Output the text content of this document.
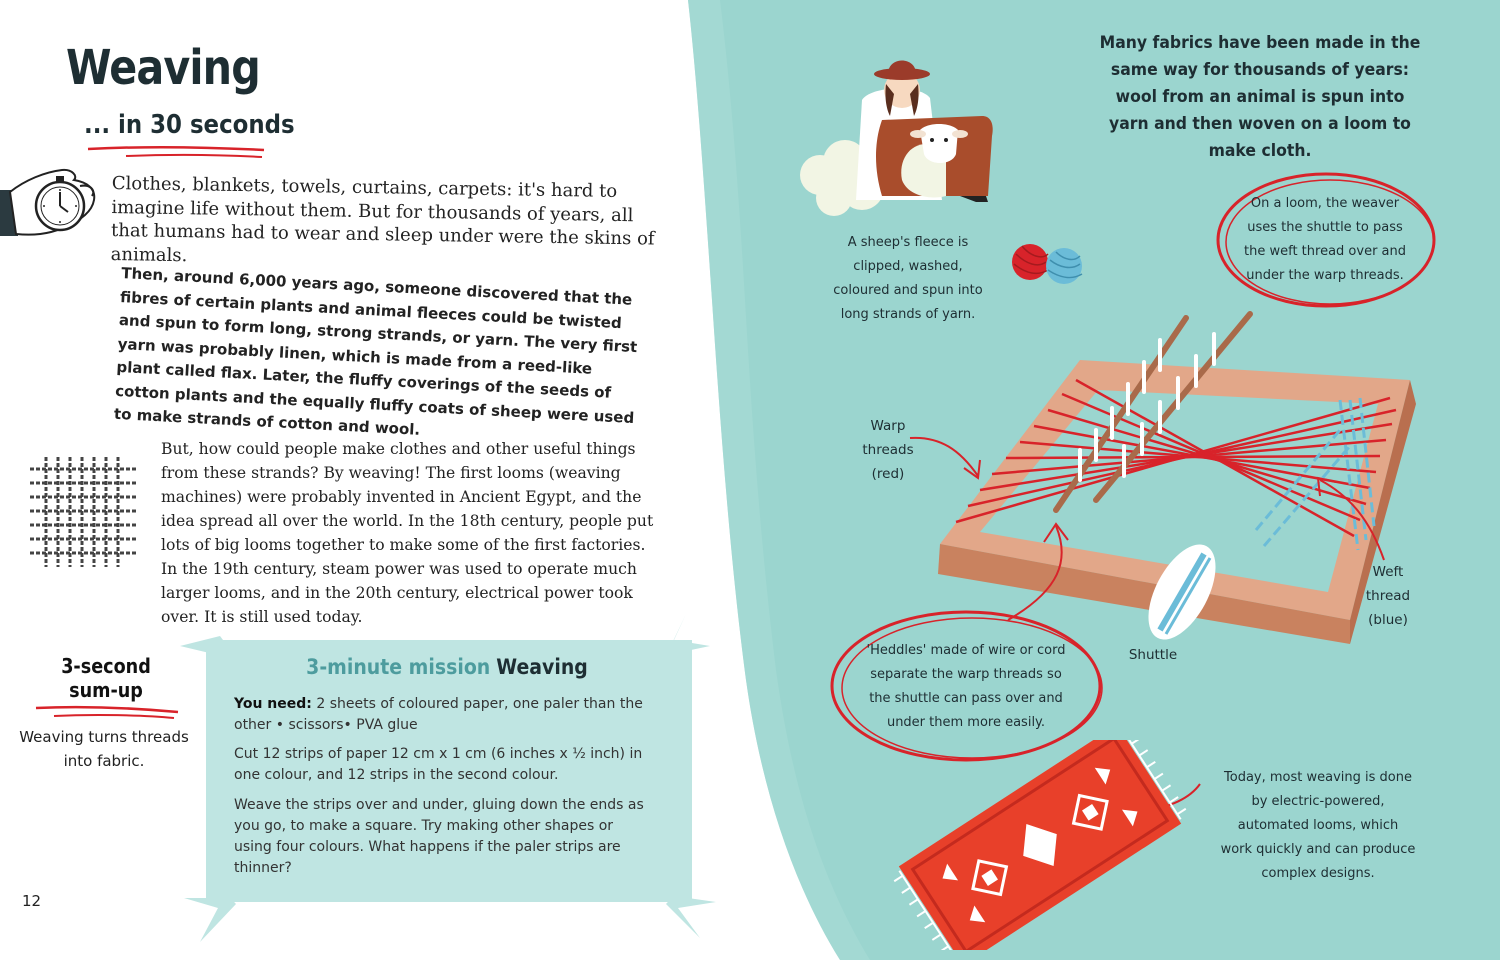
Weaving
... in 30 seconds
Clothes, blankets, towels, curtains, carpets: it's hard to imagine life without them. But for thousands of years, all that humans had to wear and sleep under were the skins of animals.
Then, around 6,000 years ago, someone discovered that the fibres of certain plants and animal fleeces could be twisted and spun to form long, strong strands, or yarn. The very first yarn was probably linen, which is made from a reed-like plant called flax. Later, the fluffy coverings of the seeds of cotton plants and the equally fluffy coats of sheep were used to make strands of cotton and wool.
But, how could people make clothes and other useful things from these strands? By weaving! The first looms (weaving machines) were probably invented in Ancient Egypt, and the idea spread all over the world. In the 18th century, people put lots of big looms together to make some of the first factories. In the 19th century, steam power was used to operate much larger looms, and in the 20th century, electrical power took over. It is still used today.
3-second sum-up
Weaving turns threads into fabric.
3-minute mission Weaving
You need: 2 sheets of coloured paper, one paler than the other • scissors• PVA glue
Cut 12 strips of paper 12 cm x 1 cm (6 inches x ½ inch) in one colour, and 12 strips in the second colour.
Weave the strips over and under, gluing down the ends as you go, to make a square. Try making other shapes or using four colours. What happens if the paler strips are thinner?
12
Many fabrics have been made in the same way for thousands of years: wool from an animal is spun into yarn and then woven on a loom to make cloth.
A sheep's fleece is clipped, washed, coloured and spun into long strands of yarn.
On a loom, the weaver uses the shuttle to pass the weft thread over and under the warp threads.
Warp threads (red)
Weft thread (blue)
Shuttle
'Heddles' made of wire or cord separate the warp threads so the shuttle can pass over and under them more easily.
Today, most weaving is done by electric-powered, automated looms, which work quickly and can produce complex designs.
